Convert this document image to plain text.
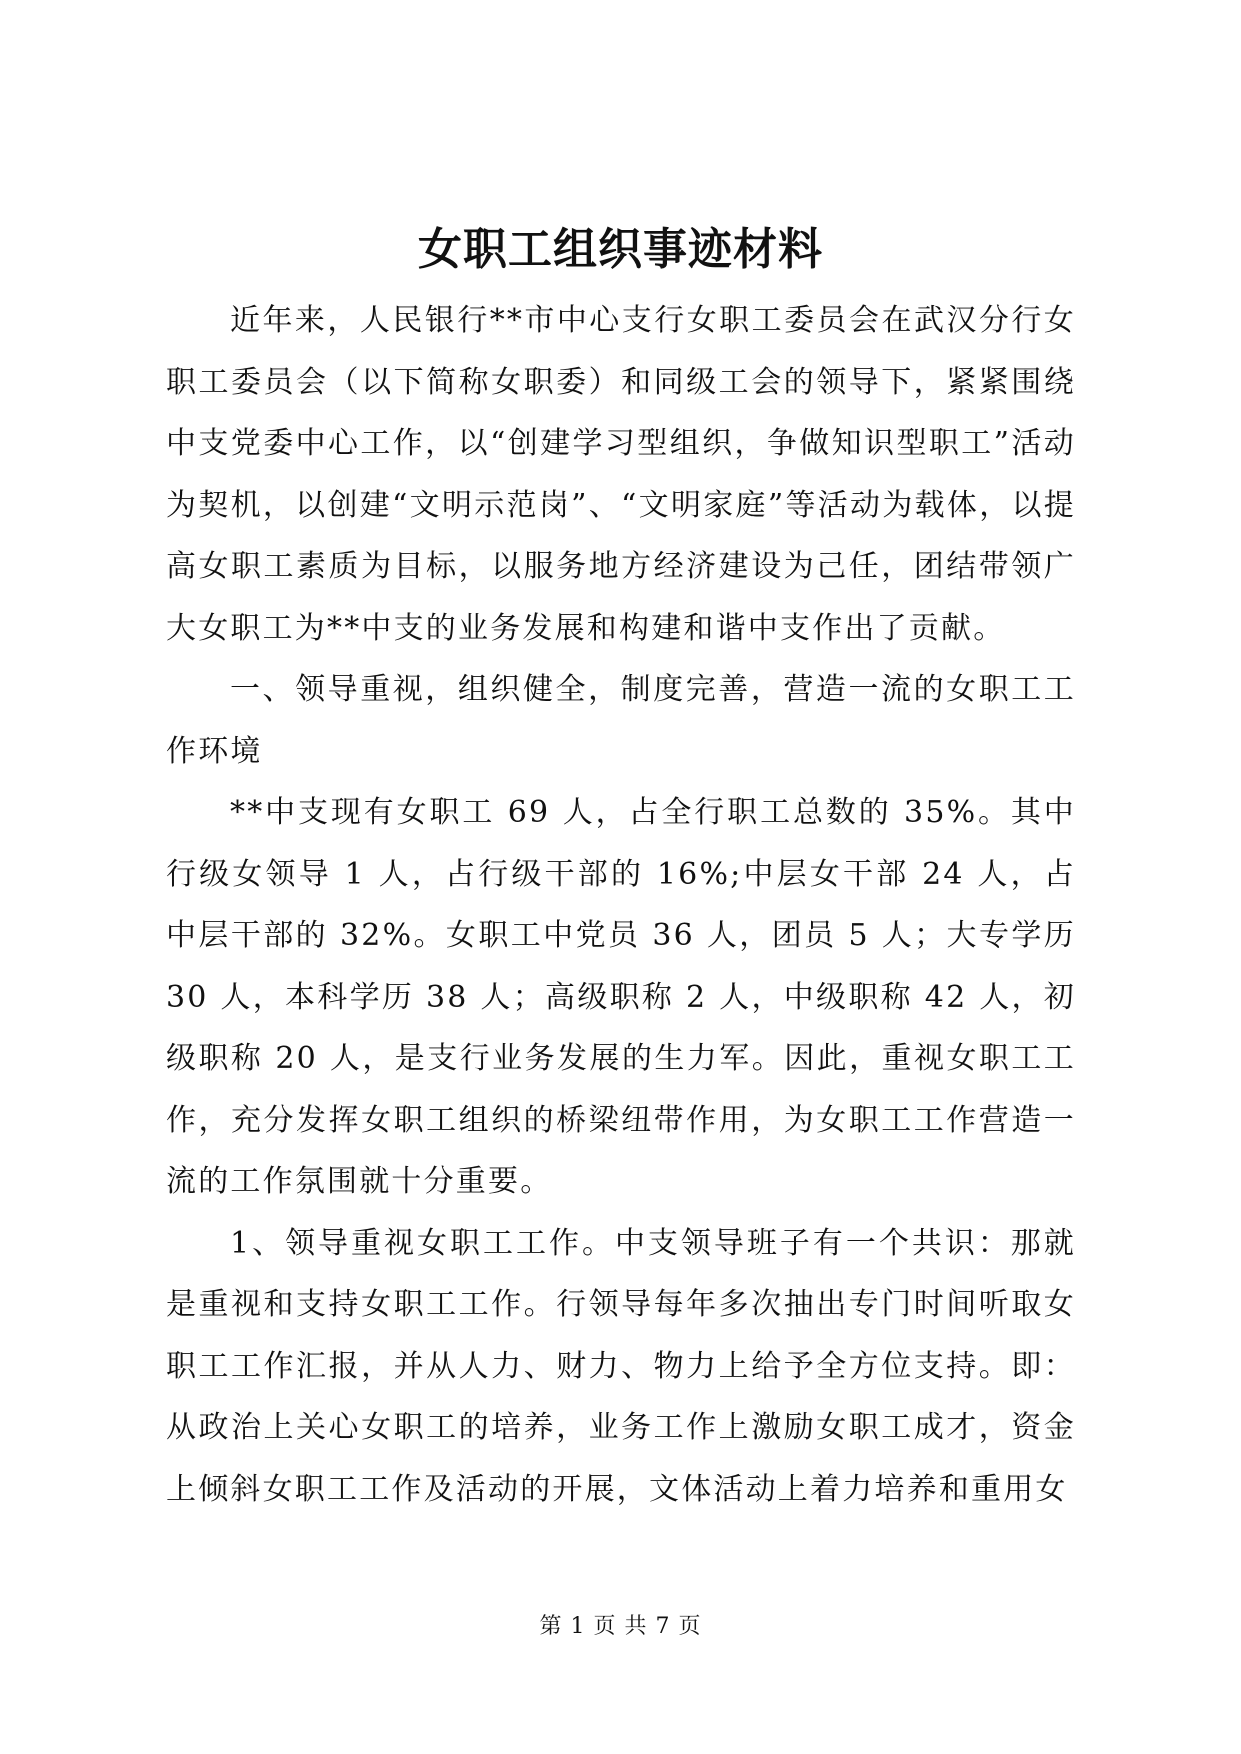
女职工组织事迹材料

近年来，人民银行**市中心支行女职工委员会在武汉分行女职工委员会（以下简称女职委）和同级工会的领导下，紧紧围绕中支党委中心工作，以“创建学习型组织，争做知识型职工”活动为契机，以创建“文明示范岗”、“文明家庭”等活动为载体，以提高女职工素质为目标，以服务地方经济建设为己任，团结带领广大女职工为**中支的业务发展和构建和谐中支作出了贡献。

一、领导重视，组织健全，制度完善，营造一流的女职工工作环境

**中支现有女职工 69 人，占全行职工总数的 35%。其中行级女领导 1 人，占行级干部的 16%;中层女干部 24 人，占中层干部的 32%。女职工中党员 36 人，团员 5 人；大专学历 30 人，本科学历 38 人；高级职称 2 人，中级职称 42 人，初级职称 20 人，是支行业务发展的生力军。因此，重视女职工工作，充分发挥女职工组织的桥梁纽带作用，为女职工工作营造一流的工作氛围就十分重要。

1、领导重视女职工工作。中支领导班子有一个共识：那就是重视和支持女职工工作。行领导每年多次抽出专门时间听取女职工工作汇报，并从人力、财力、物力上给予全方位支持。即：从政治上关心女职工的培养，业务工作上激励女职工成才，资金上倾斜女职工工作及活动的开展，文体活动上着力培养和重用女

第 1 页 共 7 页
